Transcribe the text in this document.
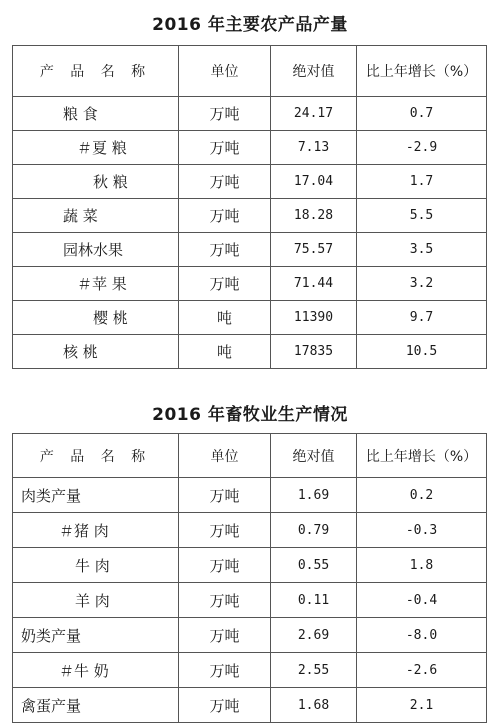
2016 年主要农产品产量
产 品 名 称	单位	绝对值	比上年增长（%）
粮 食	万吨	24.17	0.7
＃夏 粮	万吨	7.13	-2.9
秋 粮	万吨	17.04	1.7
蔬 菜	万吨	18.28	5.5
园林水果	万吨	75.57	3.5
＃苹 果	万吨	71.44	3.2
樱 桃	吨	11390	9.7
核 桃	吨	17835	10.5
2016 年畜牧业生产情况
产 品 名 称	单位	绝对值	比上年增长（%）
肉类产量	万吨	1.69	0.2
＃猪 肉	万吨	0.79	-0.3
牛 肉	万吨	0.55	1.8
羊 肉	万吨	0.11	-0.4
奶类产量	万吨	2.69	-8.0
＃牛 奶	万吨	2.55	-2.6
禽蛋产量	万吨	1.68	2.1
